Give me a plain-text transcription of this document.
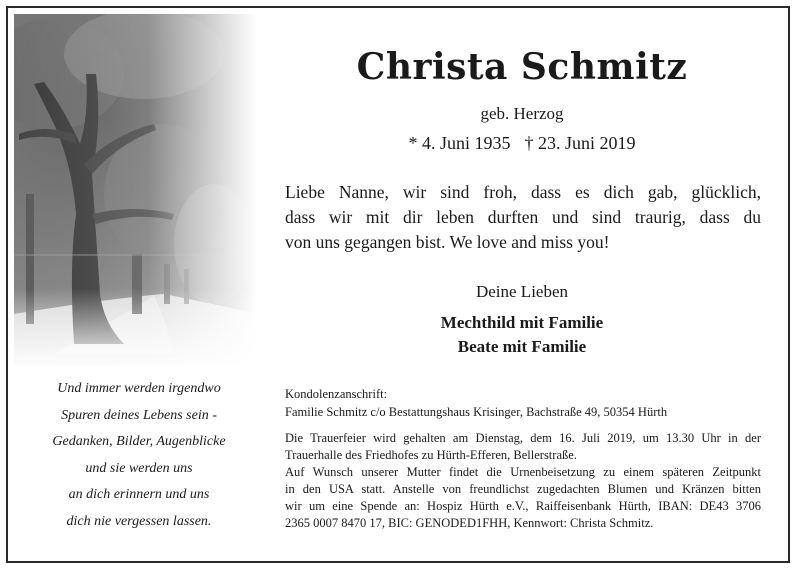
Und immer werden irgendwo
Spuren deines Lebens sein -
Gedanken, Bilder, Augenblicke
und sie werden uns
an dich erinnern und uns
dich nie vergessen lassen.
Christa Schmitz
geb. Herzog
* 4. Juni 1935 † 23. Juni 2019
Liebe Nanne, wir sind froh, dass es dich gab, glücklich,
dass wir mit dir leben durften und sind traurig, dass du
von uns gegangen bist. We love and miss you!
Deine Lieben
Mechthild mit Familie
Beate mit Familie
Kondolenzanschrift:
Familie Schmitz c/o Bestattungshaus Krisinger, Bachstraße 49, 50354 Hürth
Die Trauerfeier wird gehalten am Dienstag, dem 16. Juli 2019, um 13.30 Uhr in der
Trauerhalle des Friedhofes zu Hürth-Efferen, Bellerstraße.
Auf Wunsch unserer Mutter findet die Urnenbeisetzung zu einem späteren Zeitpunkt
in den USA statt. Anstelle von freundlichst zugedachten Blumen und Kränzen bitten
wir um eine Spende an: Hospiz Hürth e.V., Raiffeisenbank Hürth, IBAN: DE43 3706
2365 0007 8470 17, BIC: GENODED1FHH, Kennwort: Christa Schmitz.
